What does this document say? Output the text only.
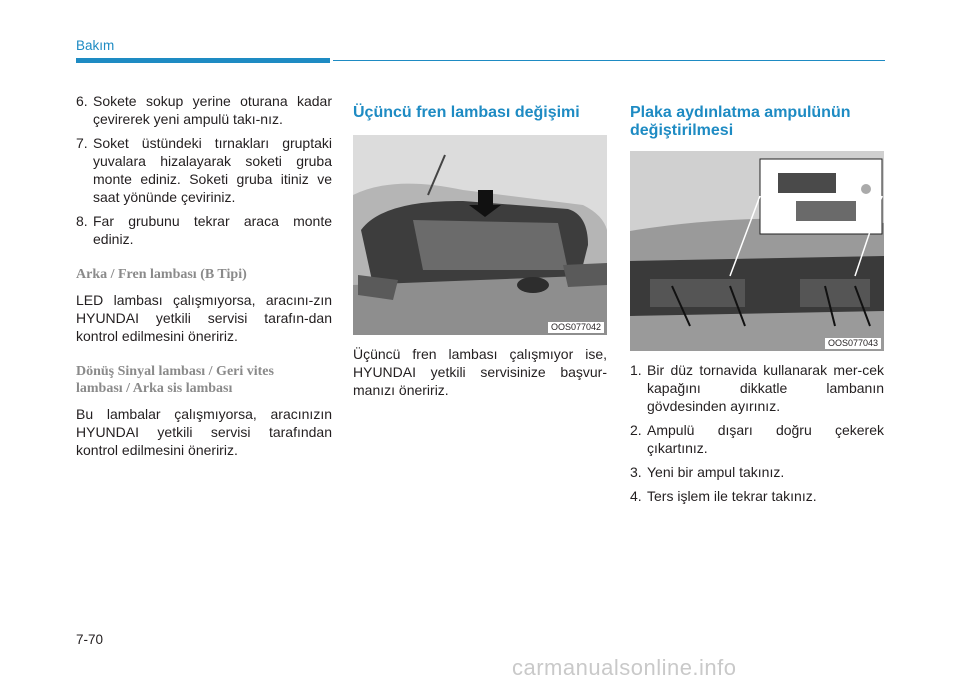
Bakım
6. Sokete sokup yerine oturana kadar çevirerek yeni ampulü takı-nız.
7. Soket üstündeki tırnakları gruptaki yuvalara hizalayarak soketi gruba monte ediniz. Soketi gruba itiniz ve saat yönünde çeviriniz.
8. Far grubunu tekrar araca monte ediniz.
Arka / Fren lambası (B Tipi)

LED lambası çalışmıyorsa, aracını-zın HYUNDAI yetkili servisi tarafın-dan kontrol edilmesini öneririz.

Dönüş Sinyal lambası / Geri vites
lambası / Arka sis lambası

Bu lambalar çalışmıyorsa, aracınızın HYUNDAI yetkili servisi tarafından kontrol edilmesini öneririz.

Üçüncü fren lambası değişimi
OOS077042

Üçüncü fren lambası çalışmıyor ise, HYUNDAI yetkili servisinize başvur-manızı öneririz.

Plaka aydınlatma ampulünün
değiştirilmesi
OOS077043
1. Bir düz tornavida kullanarak mer-cek kapağını dikkatle lambanın gövdesinden ayırınız.
2. Ampulü dışarı doğru çekerek çıkartınız.
3. Yeni bir ampul takınız.
4. Ters işlem ile tekrar takınız.
7-70
carmanualsonline.info
